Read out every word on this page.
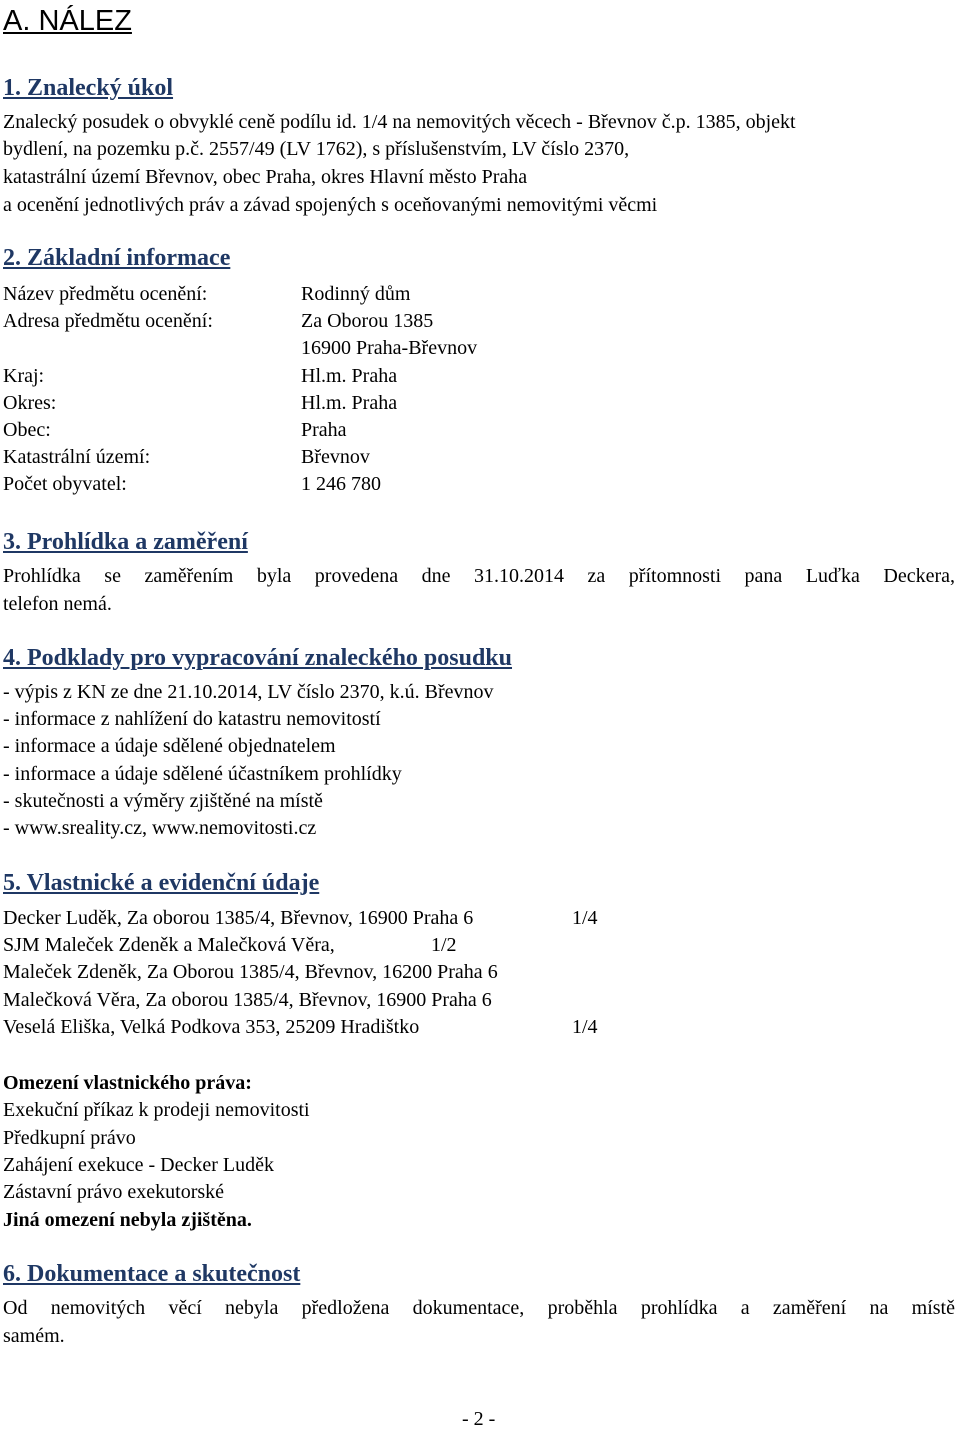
A. NÁLEZ
1. Znalecký úkol

Znalecký posudek o obvyklé ceně podílu id. 1/4 na nemovitých věcech - Břevnov č.p. 1385, objekt

bydlení, na pozemku p.č. 2557/49 (LV 1762), s příslušenstvím, LV číslo 2370,

katastrální území Břevnov, obec Praha, okres Hlavní město Praha

a ocenění jednotlivých práv a závad spojených s oceňovanými nemovitými věcmi

2. Základní informace
Název předmětu ocenění:	Rodinný dům
Adresa předmětu ocenění:	Za Oborou 1385
16900 Praha-Břevnov
Kraj:	Hl.m. Praha
Okres:	Hl.m. Praha
Obec:	Praha
Katastrální území:	Břevnov
Počet obyvatel:	1 246 780
3. Prohlídka a zaměření

Prohlídka se zaměřením byla provedena dne 31.10.2014 za přítomnosti pana Luďka Deckera,

telefon nemá.

4. Podklady pro vypracování znaleckého posudku

- výpis z KN ze dne 21.10.2014, LV číslo 2370, k.ú. Břevnov

- informace z nahlížení do katastru nemovitostí

- informace a údaje sdělené objednatelem

- informace a údaje sdělené účastníkem prohlídky

- skutečnosti a výměry zjištěné na místě

- www.sreality.cz, www.nemovitosti.cz

5. Vlastnické a evidenční údaje
Decker Luděk, Za oborou 1385/4, Břevnov, 16900 Praha 6	1/4
SJM Maleček Zdeněk a Malečková Věra,	1/2
Maleček Zdeněk, Za Oborou 1385/4, Břevnov, 16200 Praha 6
Malečková Věra, Za oborou 1385/4, Břevnov, 16900 Praha 6
Veselá Eliška, Velká Podkova 353, 25209 Hradištko	1/4

Omezení vlastnického práva:

Exekuční příkaz k prodeji nemovitosti

Předkupní právo

Zahájení exekuce - Decker Luděk

Zástavní právo exekutorské

Jiná omezení nebyla zjištěna.

6. Dokumentace a skutečnost

Od nemovitých věcí nebyla předložena dokumentace, proběhla prohlídka a zaměření na místě

samém.

- 2 -
